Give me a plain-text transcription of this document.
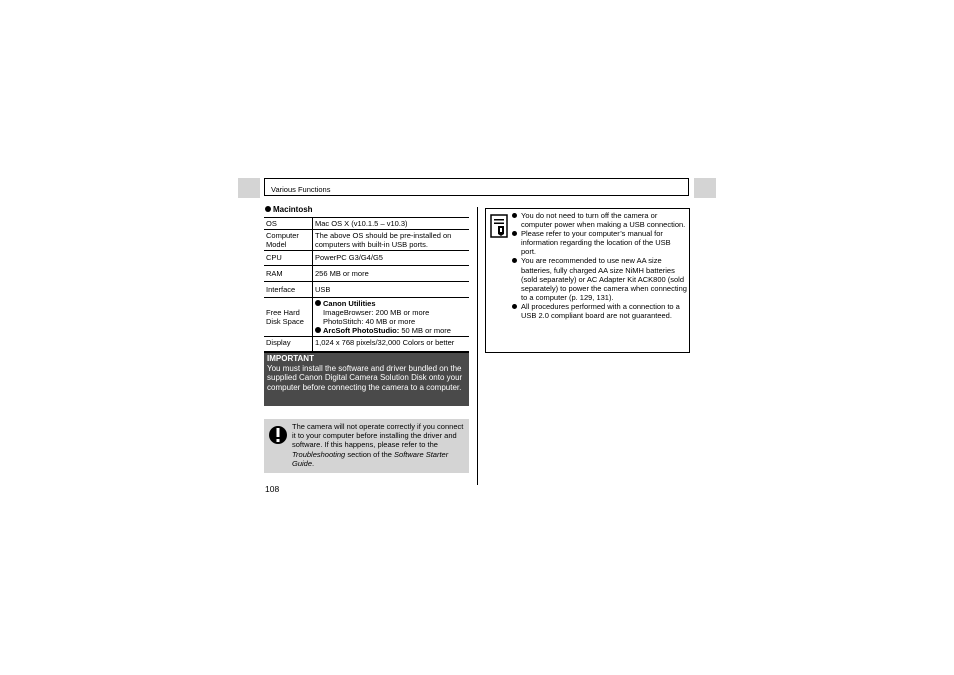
Various Functions
Macintosh
OS	Mac OS X (v10.1.5 – v10.3)
Computer Model	The above OS should be pre-installed on computers with built-in USB ports.
CPU	PowerPC G3/G4/G5
RAM	256 MB or more
Interface	USB
Free Hard Disk Space	Canon Utilities
ImageBrowser: 200 MB or more
PhotoStitch: 40 MB or more
ArcSoft PhotoStudio: 50 MB or more

Display	1,024 x 768 pixels/32,000 Colors or better
IMPORTANT
You must install the software and driver bundled on the supplied Canon Digital Camera Solution Disk onto your computer before connecting the camera to a computer.
The camera will not operate correctly if you connect it to your computer before installing the driver and software. If this happens, please refer to the Troubleshooting section of the Software Starter Guide.
108
You do not need to turn off the camera or computer power when making a USB connection.
Please refer to your computer’s manual for information regarding the location of the USB port.
You are recommended to use new AA size batteries, fully charged AA size NiMH batteries (sold separately) or AC Adapter Kit ACK800 (sold separately) to power the camera when connecting to a computer (p. 129, 131).
All procedures performed with a connection to a USB 2.0 compliant board are not guaranteed.
